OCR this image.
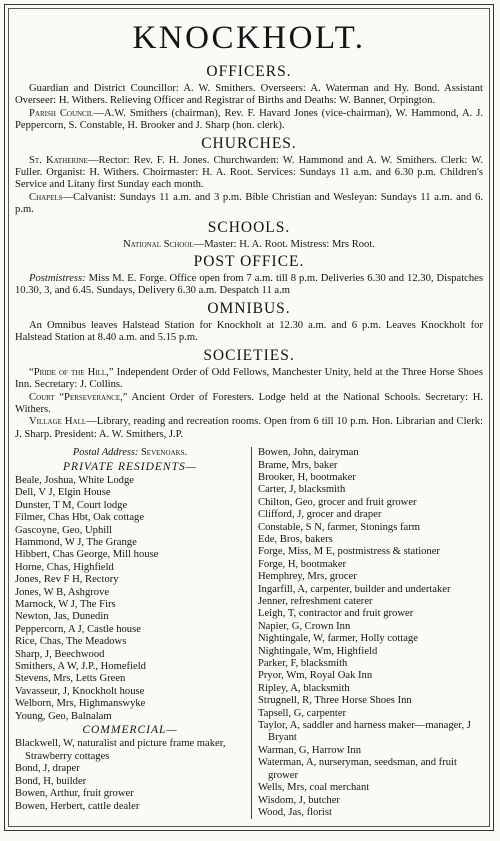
KNOCKHOLT.
OFFICERS.

Guardian and District Councillor: A. W. Smithers. Overseers: A. Waterman and Hy. Bond. Assistant Overseer: H. Withers. Relieving Officer and Registrar of Births and Deaths: W. Banner, Orpington.

Parish Council—A.W. Smithers (chairman), Rev. F. Havard Jones (vice-chairman), W. Hammond, A. J. Peppercorn, S. Constable, H. Brooker and J. Sharp (hon. clerk).

CHURCHES.

St. Katherine—Rector: Rev. F. H. Jones. Churchwarden: W. Hammond and A. W. Smithers. Clerk: W. Fuller. Organist: H. Withers. Choirmaster: H. A. Root. Services: Sundays 11 a.m. and 6.30 p.m. Children's Service and Litany first Sunday each month.

Chapels—Calvanist: Sundays 11 a.m. and 3 p.m. Bible Christian and Wesleyan: Sundays 11 a.m. and 6. p.m.

SCHOOLS.

National School—Master: H. A. Root. Mistress: Mrs Root.

POST OFFICE.

Postmistress: Miss M. E. Forge. Office open from 7 a.m. till 8 p.m. Deliveries 6.30 and 12.30, Dispatches 10.30, 3, and 6.45. Sundays, Delivery 6.30 a.m. Despatch 11 a.m

OMNIBUS.

An Omnibus leaves Halstead Station for Knockholt at 12.30 a.m. and 6 p.m. Leaves Knockholt for Halstead Station at 8.40 a.m. and 5.15 p.m.

SOCIETIES.

“Pride of the Hill,” Independent Order of Odd Fellows, Manchester Unity, held at the Three Horse Shoes Inn. Secretary: J. Collins.

Court “Perseverance,” Ancient Order of Foresters. Lodge held at the National Schools. Secretary: H. Withers.

Village Hall—Library, reading and recreation rooms. Open from 6 till 10 p.m. Hon. Librarian and Clerk: J. Sharp. President: A. W. Smithers, J.P.

Postal Address: Sevenoaks.
PRIVATE RESIDENTS—
Beale, Joshua, White Lodge
Dell, V J, Elgin House
Dunster, T M, Court lodge
Filmer, Chas Hbt, Oak cottage
Gascoyne, Geo, Uphill
Hammond, W J, The Grange
Hibbert, Chas George, Mill house
Horne, Chas, Highfield
Jones, Rev F H, Rectory
Jones, W B, Ashgrove
Marnock, W J, The Firs
Newton, Jas, Dunedin
Peppercorn, A J, Castle house
Rice, Chas, The Meadows
Sharp, J, Beechwood
Smithers, A W, J.P., Homefield
Stevens, Mrs, Letts Green
Vavasseur, J, Knockholt house
Welborn, Mrs, Highmanswyke
Young, Geo, Balnalam
COMMERCIAL—
Blackwell, W, naturalist and picture frame maker, Strawberry cottages
Bond, J, draper
Bond, H, builder
Bowen, Arthur, fruit grower
Bowen, Herbert, cattle dealer
Bowen, John, dairyman
Brame, Mrs, baker
Brooker, H, bootmaker
Carter, J, blacksmith
Chilton, Geo, grocer and fruit grower
Clifford, J, grocer and draper
Constable, S N, farmer, Stonings farm
Ede, Bros, bakers
Forge, Miss, M E, postmistress & stationer
Forge, H, bootmaker
Hemphrey, Mrs, grocer
Ingarfill, A, carpenter, builder and undertaker
Jenner, refreshment caterer
Leigh, T, contractor and fruit grower
Napier, G, Crown Inn
Nightingale, W, farmer, Holly cottage
Nightingale, Wm, Highfield
Parker, F, blacksmith
Pryor, Wm, Royal Oak Inn
Ripley, A, blacksmith
Strugnell, R, Three Horse Shoes Inn
Tapsell, G, carpenter
Taylor, A, saddler and harness maker—manager, J Bryant
Warman, G, Harrow Inn
Waterman, A, nurseryman, seedsman, and fruit grower
Wells, Mrs, coal merchant
Wisdom, J, butcher
Wood, Jas, florist
